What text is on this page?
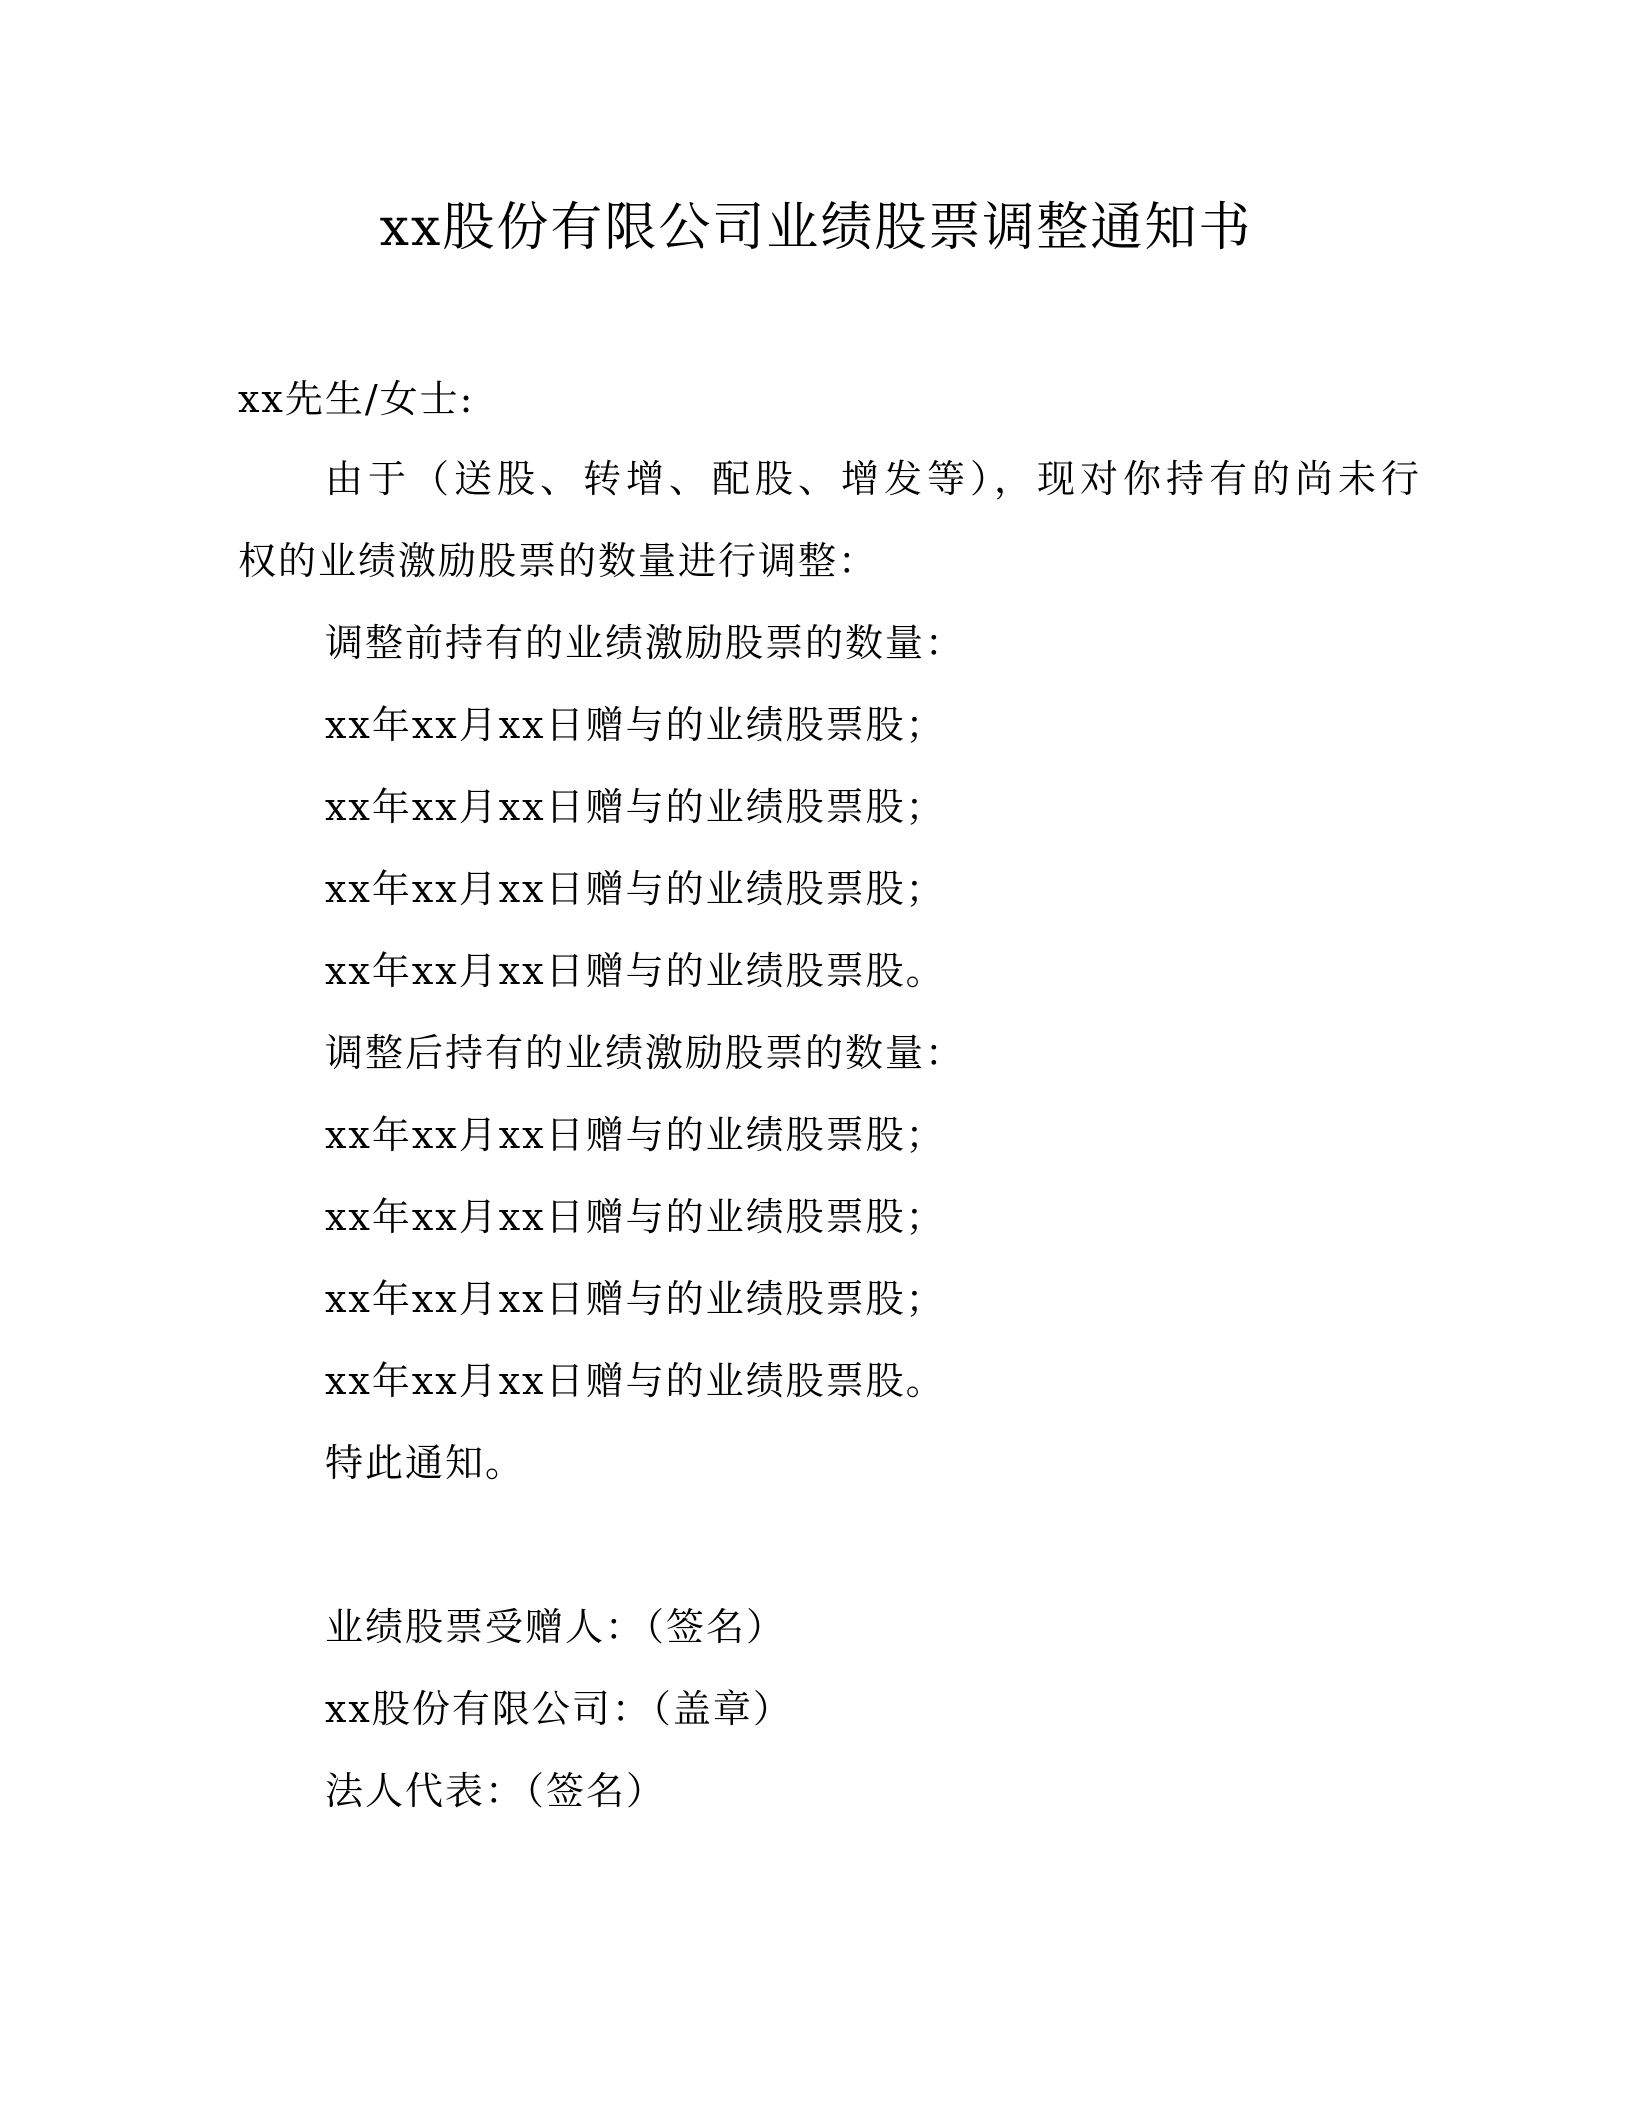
xx股份有限公司业绩股票调整通知书
xx先生/女士:
由于（送股、转增、配股、增发等），现对你持有的尚未行
权的业绩激励股票的数量进行调整：
调整前持有的业绩激励股票的数量：
xx年xx月xx日赠与的业绩股票股；
xx年xx月xx日赠与的业绩股票股；
xx年xx月xx日赠与的业绩股票股；
xx年xx月xx日赠与的业绩股票股。
调整后持有的业绩激励股票的数量：
xx年xx月xx日赠与的业绩股票股；
xx年xx月xx日赠与的业绩股票股；
xx年xx月xx日赠与的业绩股票股；
xx年xx月xx日赠与的业绩股票股。
特此通知。
业绩股票受赠人：（签名）
xx股份有限公司：（盖章）
法人代表：（签名）
